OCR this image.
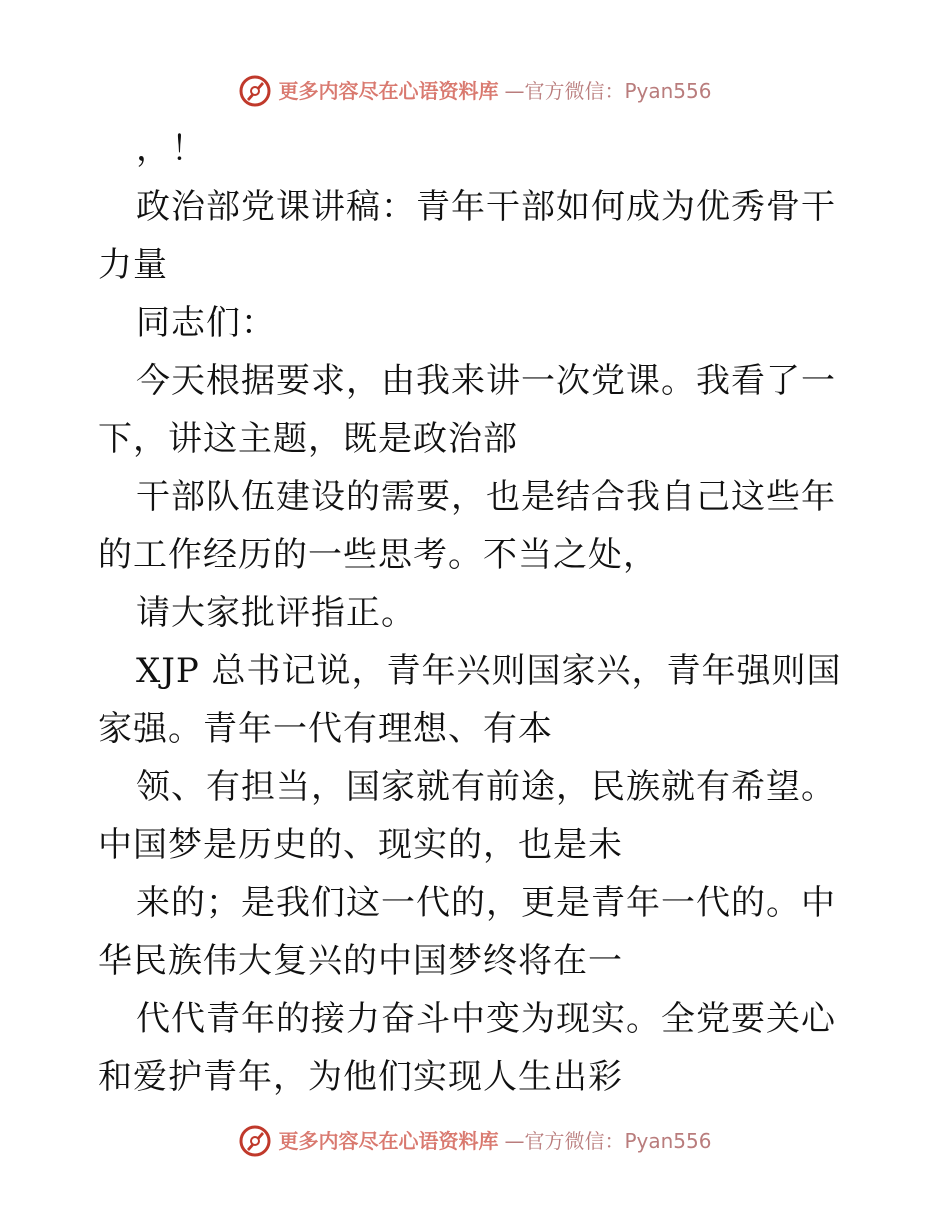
更多内容尽在心语资料库 —官方微信：Pyan556

，！

政治部党课讲稿：青年干部如何成为优秀骨干力量

同志们：

今天根据要求，由我来讲一次党课。我看了一下，讲这主题，既是政治部

干部队伍建设的需要，也是结合我自己这些年的工作经历的一些思考。不当之处，

请大家批评指正。

XJP 总书记说，青年兴则国家兴，青年强则国家强。青年一代有理想、有本

领、有担当，国家就有前途，民族就有希望。中国梦是历史的、现实的，也是未

来的；是我们这一代的，更是青年一代的。中华民族伟大复兴的中国梦终将在一

代代青年的接力奋斗中变为现实。全党要关心和爱护青年，为他们实现人生出彩

更多内容尽在心语资料库 —官方微信：Pyan556
